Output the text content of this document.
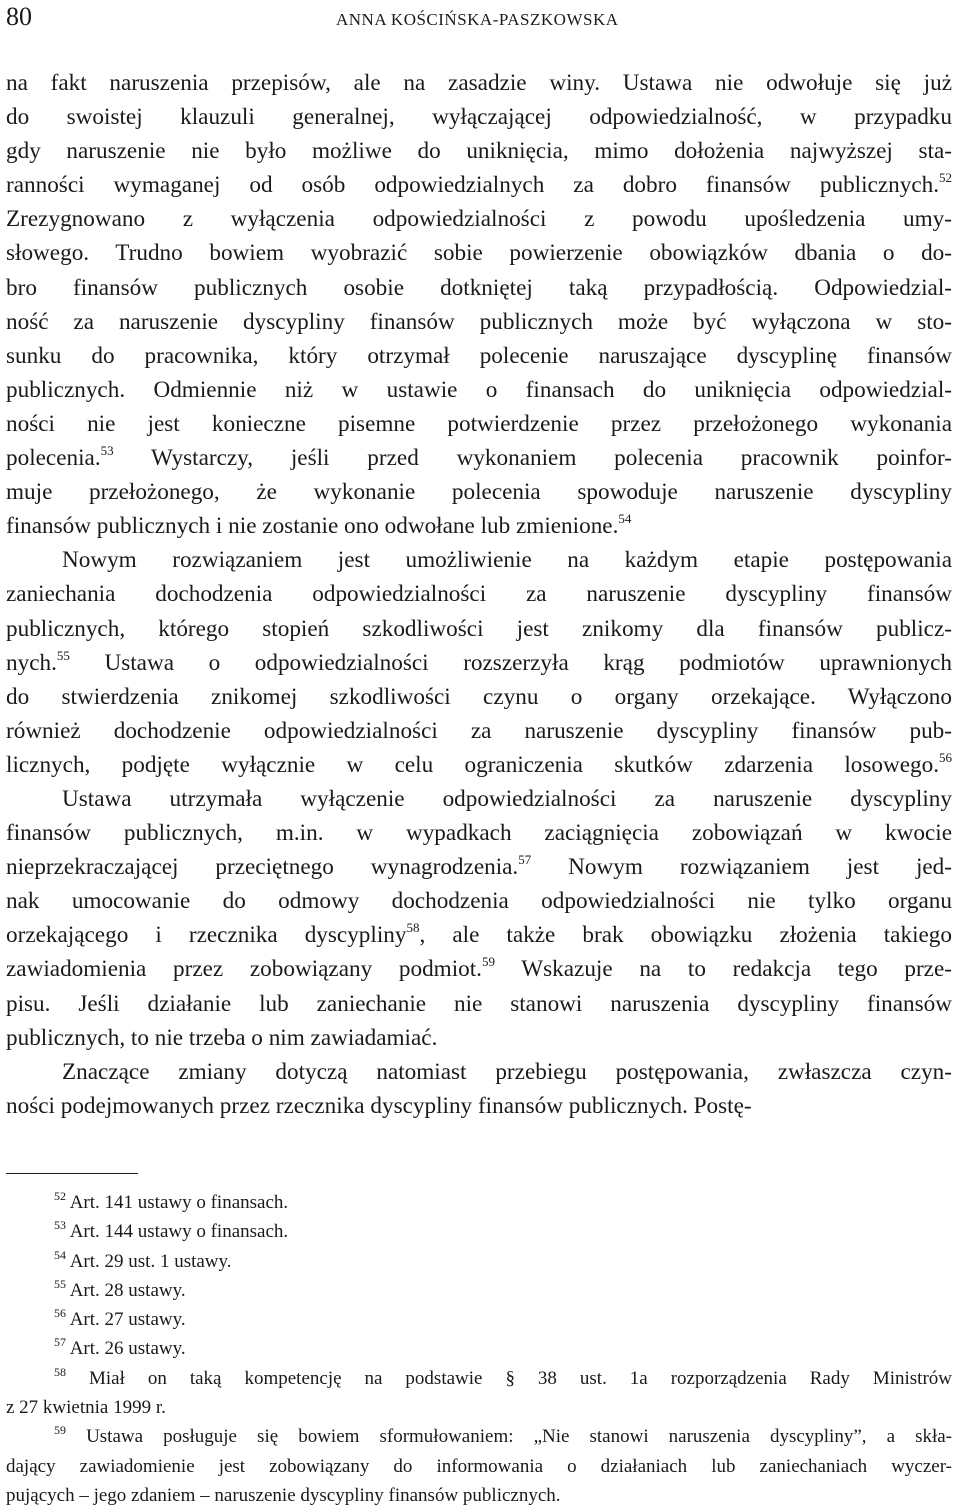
80	ANNA KOŚCIŃSKA-PASZKOWSKA
na fakt naruszenia przepisów, ale na zasadzie winy. Ustawa nie odwołuje się już
do swoistej klauzuli generalnej, wyłączającej odpowiedzialność, w przypadku
gdy naruszenie nie było możliwe do uniknięcia, mimo dołożenia najwyższej sta-
ranności wymaganej od osób odpowiedzialnych za dobro finansów publicznych.$^{52}$
Zrezygnowano z wyłączenia odpowiedzialności z powodu upośledzenia umy-
słowego. Trudno bowiem wyobrazić sobie powierzenie obowiązków dbania o do-
bro finansów publicznych osobie dotkniętej taką przypadłością. Odpowiedzial-
ność za naruszenie dyscypliny finansów publicznych może być wyłączona w sto-
sunku do pracownika, który otrzymał polecenie naruszające dyscyplinę finansów
publicznych. Odmiennie niż w ustawie o finansach do uniknięcia odpowiedzial-
ności nie jest konieczne pisemne potwierdzenie przez przełożonego wykonania
polecenia.$^{53}$ Wystarczy, jeśli przed wykonaniem polecenia pracownik poinfor-
muje przełożonego, że wykonanie polecenia spowoduje naruszenie dyscypliny
finansów publicznych i nie zostanie ono odwołane lub zmienione.$^{54}$
Nowym rozwiązaniem jest umożliwienie na każdym etapie postępowania
zaniechania dochodzenia odpowiedzialności za naruszenie dyscypliny finansów
publicznych, którego stopień szkodliwości jest znikomy dla finansów publicz-
nych.$^{55}$ Ustawa o odpowiedzialności rozszerzyła krąg podmiotów uprawnionych
do stwierdzenia znikomej szkodliwości czynu o organy orzekające. Wyłączono
również dochodzenie odpowiedzialności za naruszenie dyscypliny finansów pub-
licznych, podjęte wyłącznie w celu ograniczenia skutków zdarzenia losowego.$^{56}$
Ustawa utrzymała wyłączenie odpowiedzialności za naruszenie dyscypliny
finansów publicznych, m.in. w wypadkach zaciągnięcia zobowiązań w kwocie
nieprzekraczającej przeciętnego wynagrodzenia.$^{57}$ Nowym rozwiązaniem jest jed-
nak umocowanie do odmowy dochodzenia odpowiedzialności nie tylko organu
orzekającego i rzecznika dyscypliny$^{58}$, ale także brak obowiązku złożenia takiego
zawiadomienia przez zobowiązany podmiot.$^{59}$ Wskazuje na to redakcja tego prze-
pisu. Jeśli działanie lub zaniechanie nie stanowi naruszenia dyscypliny finansów
publicznych, to nie trzeba o nim zawiadamiać.
Znaczące zmiany dotyczą natomiast przebiegu postępowania, zwłaszcza czyn-
ności podejmowanych przez rzecznika dyscypliny finansów publicznych. Postę-
$^{52}$ Art. 141 ustawy o finansach.
$^{53}$ Art. 144 ustawy o finansach.
$^{54}$ Art. 29 ust. 1 ustawy.
$^{55}$ Art. 28 ustawy.
$^{56}$ Art. 27 ustawy.
$^{57}$ Art. 26 ustawy.
$^{58}$ Miał on taką kompetencję na podstawie § 38 ust. 1a rozporządzenia Rady Ministrów
z 27 kwietnia 1999 r.
$^{59}$ Ustawa posługuje się bowiem sformułowaniem: „Nie stanowi naruszenia dyscypliny”, a skła-
dający zawiadomienie jest zobowiązany do informowania o działaniach lub zaniechaniach wyczer-
pujących – jego zdaniem – naruszenie dyscypliny finansów publicznych.
